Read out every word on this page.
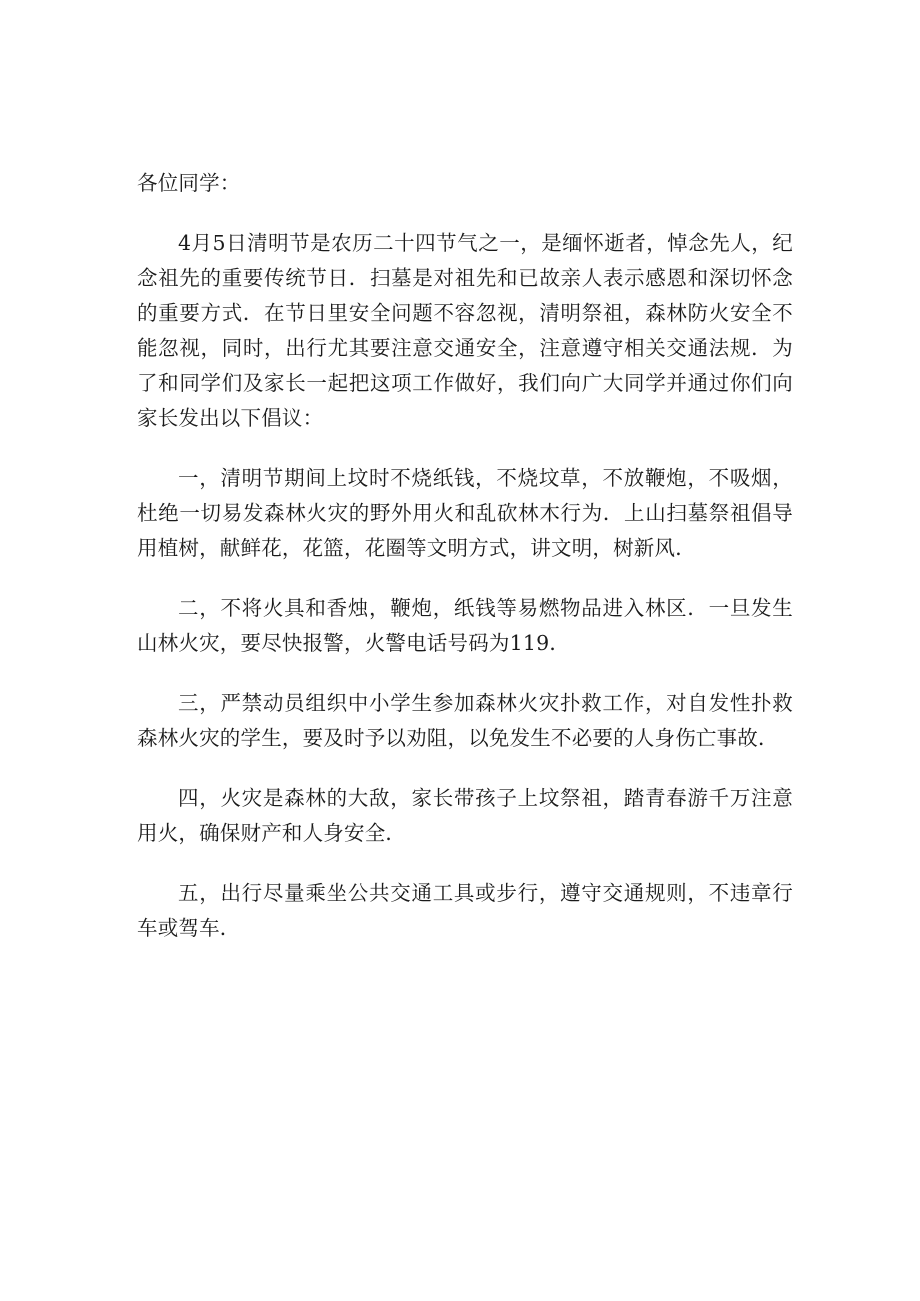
各位同学：

4月5日清明节是农历二十四节气之一，是缅怀逝者，悼念先人，纪念祖先的重要传统节日．扫墓是对祖先和已故亲人表示感恩和深切怀念的重要方式．在节日里安全问题不容忽视，清明祭祖，森林防火安全不能忽视，同时，出行尤其要注意交通安全，注意遵守相关交通法规．为了和同学们及家长一起把这项工作做好，我们向广大同学并通过你们向家长发出以下倡议：

一，清明节期间上坟时不烧纸钱，不烧坟草，不放鞭炮，不吸烟，杜绝一切易发森林火灾的野外用火和乱砍林木行为．上山扫墓祭祖倡导用植树，献鲜花，花篮，花圈等文明方式，讲文明，树新风．

二，不将火具和香烛，鞭炮，纸钱等易燃物品进入林区．一旦发生山林火灾，要尽快报警，火警电话号码为119．

三，严禁动员组织中小学生参加森林火灾扑救工作，对自发性扑救森林火灾的学生，要及时予以劝阻，以免发生不必要的人身伤亡事故．

四，火灾是森林的大敌，家长带孩子上坟祭祖，踏青春游千万注意用火，确保财产和人身安全．

五，出行尽量乘坐公共交通工具或步行，遵守交通规则，不违章行车或驾车．
